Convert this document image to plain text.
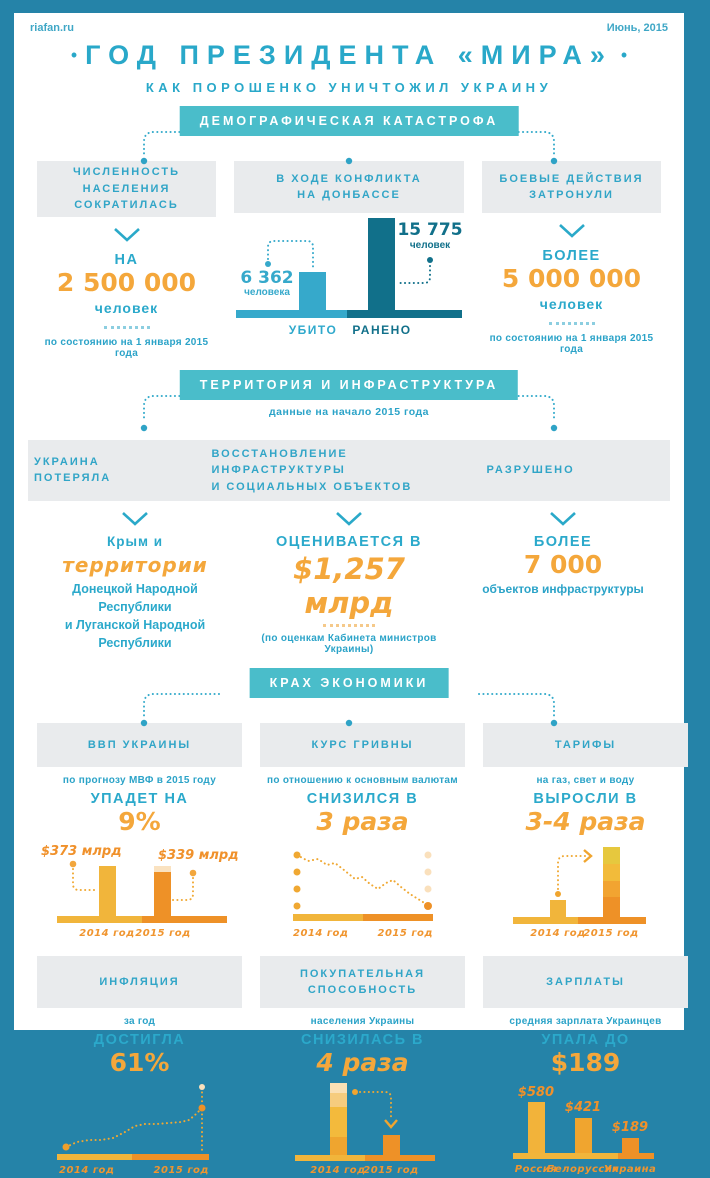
riafan.ru	Июнь, 2015
• ГОД ПРЕЗИДЕНТА «МИРА» •
КАК ПОРОШЕНКО УНИЧТОЖИЛ УКРАИНУ
ДЕМОГРАФИЧЕСКАЯ КАТАСТРОФА
ЧИСЛЕННОСТЬ НАСЕЛЕНИЯ
СОКРАТИЛАСЬ
НА
2 500 000
человек
по состоянию на 1 января 2015 года
В ХОДЕ КОНФЛИКТА
НА ДОНБАССЕ
6 362
человека
15 775
человек
УБИТО РАНЕНО
БОЕВЫЕ ДЕЙСТВИЯ
ЗАТРОНУЛИ
БОЛЕЕ
5 000 000
человек
по состоянию на 1 января 2015 года
ТЕРРИТОРИЯ И ИНФРАСТРУКТУРА
данные на начало 2015 года
УКРАИНА
ПОТЕРЯЛА
ВОССТАНОВЛЕНИЕ ИНФРАСТРУКТУРЫ
И СОЦИАЛЬНЫХ ОБЪЕКТОВ
РАЗРУШЕНО
Крым и
территории
Донецкой Народной Республики
и Луганской Народной Республики
ОЦЕНИВАЕТСЯ В
$1,257 млрд
(по оценкам Кабинета министров Украины)
БОЛЕЕ
7 000
объектов инфраструктуры
КРАХ ЭКОНОМИКИ
ВВП УКРАИНЫ
по прогнозу МВФ в 2015 году
УПАДЕТ НА
9%
$373 млрд	$339 млрд
2014 год 2015 год
КУРС ГРИВНЫ
по отношению к основным валютам
СНИЗИЛСЯ В
3 раза
2014 год	2015 год
ТАРИФЫ
на газ, свет и воду
ВЫРОСЛИ В
3-4 раза
2014 год
2015 год
ИНФЛЯЦИЯ
за год
ДОСТИГЛА
61%
2014 год	2015 год
ПОКУПАТЕЛЬНАЯ
СПОСОБНОСТЬ
населения Украины
СНИЗИЛАСЬ В
4 раза
2014 год
2015 год
ЗАРПЛАТЫ
средняя зарплата Украинцев
УПАЛА ДО
$189
$580
$421
$189
Россия
Белоруссия
Украина
